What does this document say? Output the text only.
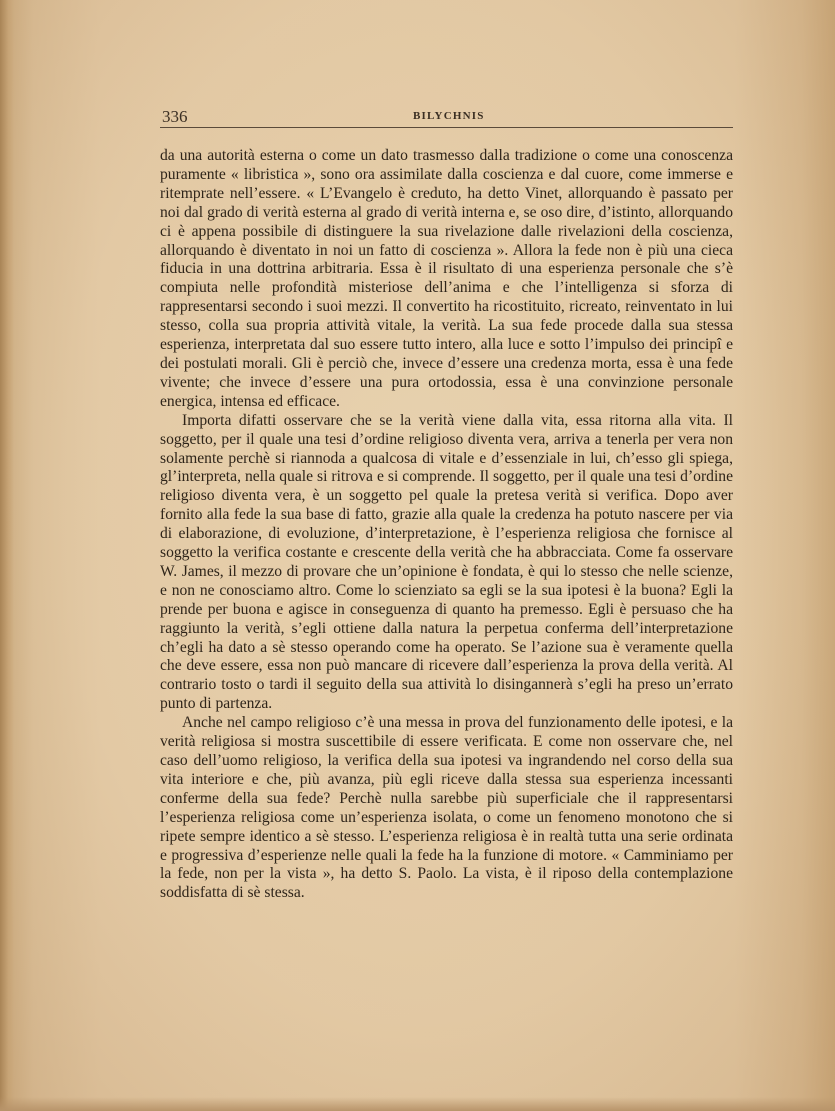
336	BILYCHNIS

da una autorità esterna o come un dato trasmesso dalla tradizione o come una conoscenza puramente « libristica », sono ora assimilate dalla coscienza e dal cuore, come immerse e ritemprate nell’essere. « L’Evangelo è creduto, ha detto Vinet, allorquando è passato per noi dal grado di verità esterna al grado di verità interna e, se oso dire, d’istinto, allorquando ci è appena possibile di distinguere la sua rivelazione dalle rivelazioni della coscienza, allorquando è diventato in noi un fatto di coscienza ». Allora la fede non è più una cieca fiducia in una dottrina arbitraria. Essa è il risultato di una esperienza personale che s’è compiuta nelle profondità misteriose dell’anima e che l’intelligenza si sforza di rappresentarsi secondo i suoi mezzi. Il convertito ha ricostituito, ricreato, reinventato in lui stesso, colla sua propria attività vitale, la verità. La sua fede procede dalla sua stessa esperienza, interpretata dal suo essere tutto intero, alla luce e sotto l’impulso dei principî e dei postulati morali. Gli è perciò che, invece d’essere una credenza morta, essa è una fede vivente; che invece d’essere una pura ortodossia, essa è una convinzione personale energica, intensa ed efficace.

Importa difatti osservare che se la verità viene dalla vita, essa ritorna alla vita. Il soggetto, per il quale una tesi d’ordine religioso diventa vera, arriva a tenerla per vera non solamente perchè si riannoda a qualcosa di vitale e d’essenziale in lui, ch’esso gli spiega, gl’interpreta, nella quale si ritrova e si comprende. Il soggetto, per il quale una tesi d’ordine religioso diventa vera, è un soggetto pel quale la pretesa verità si verifica. Dopo aver fornito alla fede la sua base di fatto, grazie alla quale la credenza ha potuto nascere per via di elaborazione, di evoluzione, d’interpretazione, è l’esperienza religiosa che fornisce al soggetto la verifica costante e crescente della verità che ha abbracciata. Come fa osservare W. James, il mezzo di provare che un’opinione è fondata, è qui lo stesso che nelle scienze, e non ne conosciamo altro. Come lo scienziato sa egli se la sua ipotesi è la buona? Egli la prende per buona e agisce in conseguenza di quanto ha premesso. Egli è persuaso che ha raggiunto la verità, s’egli ottiene dalla natura la perpetua conferma dell’interpretazione ch’egli ha dato a sè stesso operando come ha operato. Se l’azione sua è veramente quella che deve essere, essa non può mancare di ricevere dall’esperienza la prova della verità. Al contrario tosto o tardi il seguito della sua attività lo disingannerà s’egli ha preso un’errato punto di partenza.

Anche nel campo religioso c’è una messa in prova del funzionamento delle ipotesi, e la verità religiosa si mostra suscettibile di essere verificata. E come non osservare che, nel caso dell’uomo religioso, la verifica della sua ipotesi va ingrandendo nel corso della sua vita interiore e che, più avanza, più egli riceve dalla stessa sua esperienza incessanti conferme della sua fede? Perchè nulla sarebbe più superficiale che il rappresentarsi l’esperienza religiosa come un’esperienza isolata, o come un fenomeno monotono che si ripete sempre identico a sè stesso. L’esperienza religiosa è in realtà tutta una serie ordinata e progressiva d’esperienze nelle quali la fede ha la funzione di motore. « Camminiamo per la fede, non per la vista », ha detto S. Paolo. La vista, è il riposo della contemplazione soddisfatta di sè stessa.
